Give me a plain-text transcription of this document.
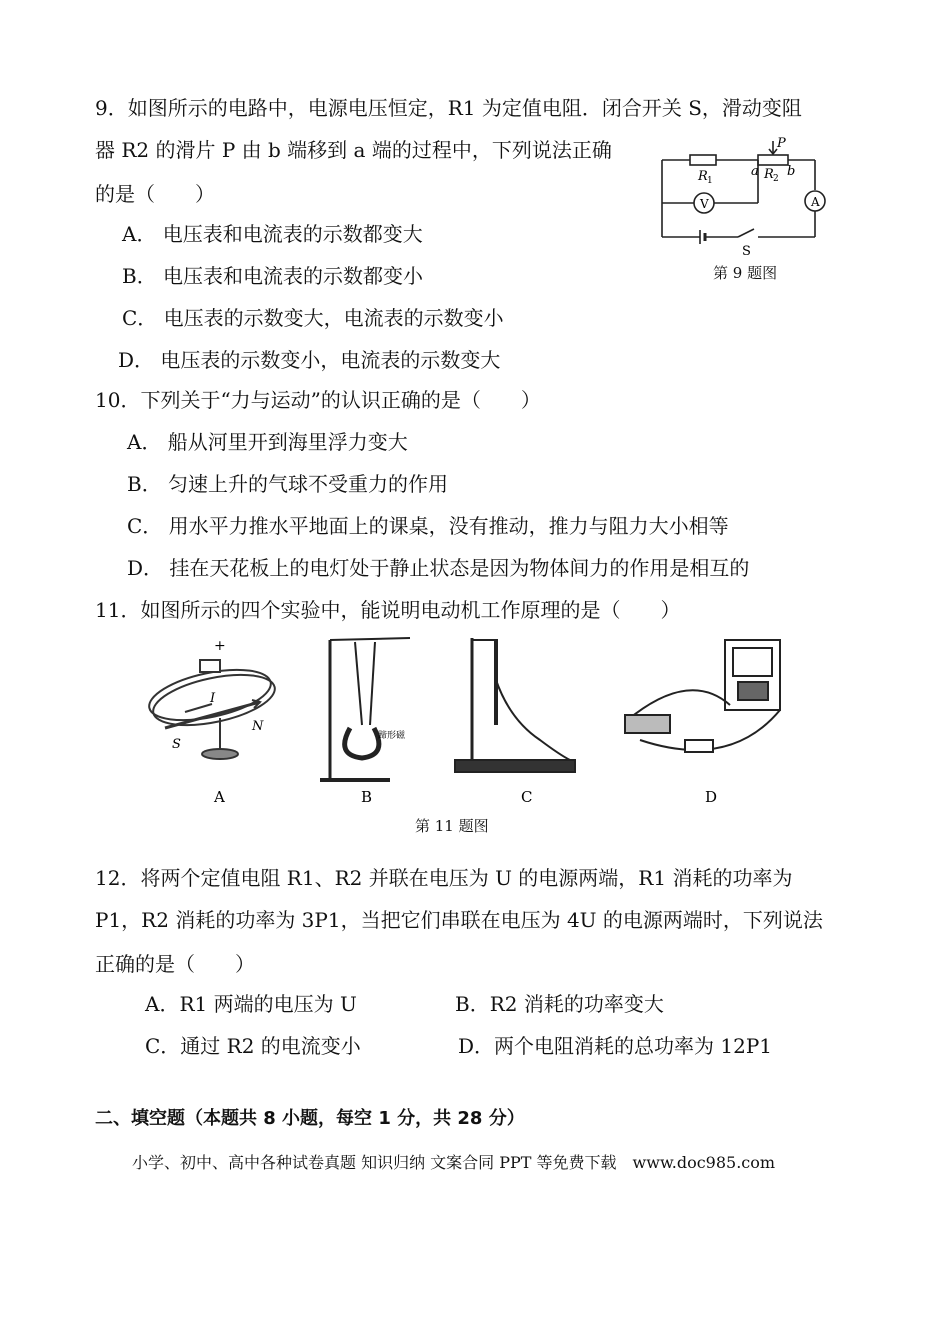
9．如图所示的电路中，电源电压恒定，R1 为定值电阻．闭合开关 S，滑动变阻
器 R2 的滑片 P 由 b 端移到 a 端的过程中，下列说法正确
的是（　　）
A． 电压表和电流表的示数都变大
B． 电压表和电流表的示数都变小
C． 电压表的示数变大，电流表的示数变小
D． 电压表的示数变小，电流表的示数变大
R 1
a R 2 b
P
V	A
S
第 9 题图
10．下列关于“力与运动”的认识正确的是（　　）
A． 船从河里开到海里浮力变大
B． 匀速上升的气球不受重力的作用
C． 用水平力推水平地面上的课桌，没有推动，推力与阻力大小相等
D． 挂在天花板上的电灯处于静止状态是因为物体间力的作用是相互的
11．如图所示的四个实验中，能说明电动机工作原理的是（　　）
+
I
N
S
A
蹄形磁
B	C	D
第 11 题图
12．将两个定值电阻 R1、R2 并联在电压为 U 的电源两端，R1 消耗的功率为
P1，R2 消耗的功率为 3P1，当把它们串联在电压为 4U 的电源两端时，下列说法
正确的是（　　）
A．R1 两端的电压为 U	B．R2 消耗的功率变大
C．通过 R2 的电流变小	D．两个电阻消耗的总功率为 12P1
二、填空题（本题共 8 小题，每空 1 分，共 28 分）
小学、初中、高中各种试卷真题 知识归纳 文案合同 PPT 等免费下载　www.doc985.com
